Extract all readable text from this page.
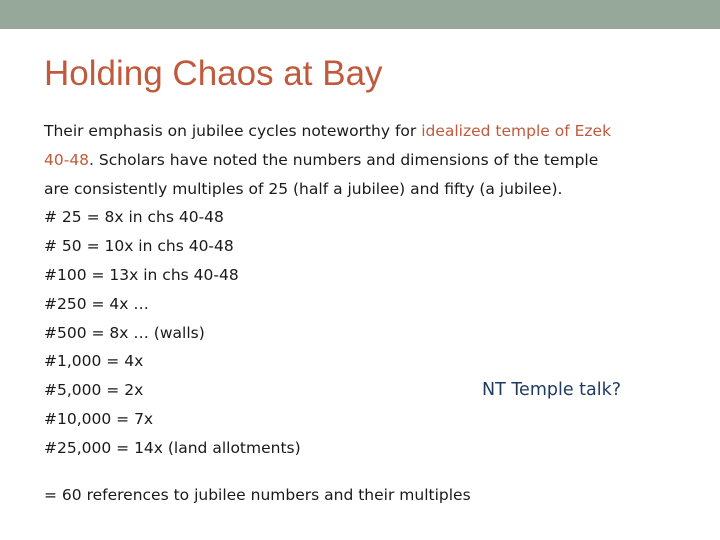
Holding Chaos at Bay
Their emphasis on jubilee cycles noteworthy for idealized temple of Ezek
40-48. Scholars have noted the numbers and dimensions of the temple
are consistently multiples of 25 (half a jubilee) and fifty (a jubilee).
# 25 = 8x in chs 40-48
# 50 = 10x in chs 40-48
#100 = 13x in chs 40-48
#250 = 4x …
#500 = 8x … (walls)
#1,000 = 4x
#5,000 = 2x
#10,000 = 7x
#25,000 = 14x (land allotments)
NT Temple talk?
= 60 references to jubilee numbers and their multiples
